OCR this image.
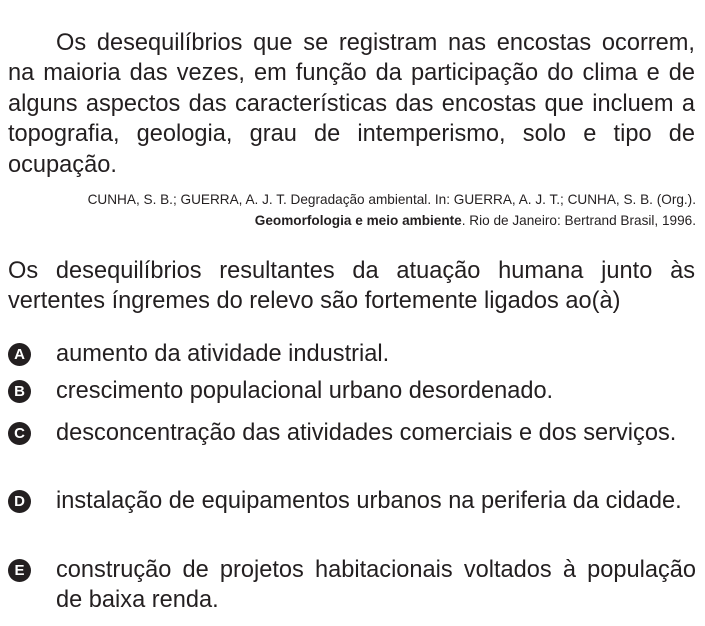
Os desequilíbrios que se registram nas encostas ocorrem, na maioria das vezes, em função da participação do clima e de alguns aspectos das características das encostas que incluem a topografia, geologia, grau de intemperismo, solo e tipo de ocupação.

CUNHA, S. B.; GUERRA, A. J. T. Degradação ambiental. In: GUERRA, A. J. T.; CUNHA, S. B. (Org.). Geomorfologia e meio ambiente. Rio de Janeiro: Bertrand Brasil, 1996.

Os desequilíbrios resultantes da atuação humana junto às vertentes íngremes do relevo são fortemente ligados ao(à)

A aumento da atividade industrial.
B crescimento populacional urbano desordenado.
C desconcentração das atividades comerciais e dos serviços.
D instalação de equipamentos urbanos na periferia da cidade.
E construção de projetos habitacionais voltados à população de baixa renda.
